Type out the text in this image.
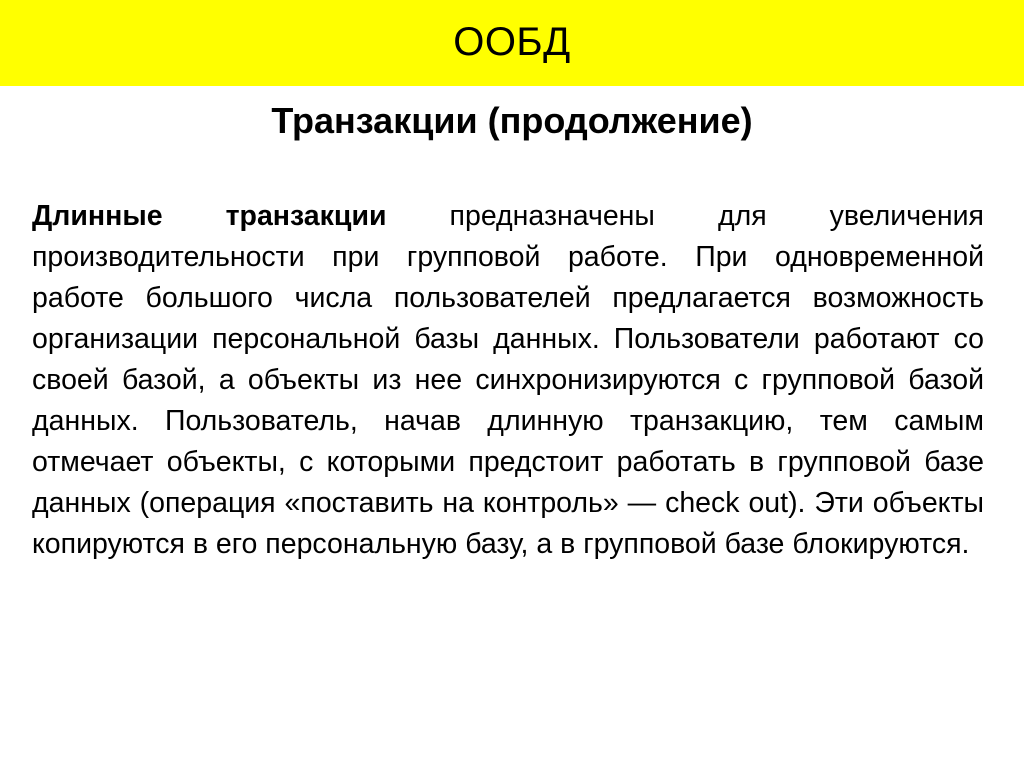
ООБД
Транзакции (продолжение)

Длинные транзакции предназначены для увеличения производительности при групповой работе. При одновременной работе большого числа пользователей предлагается возможность организации персональной базы данных. Пользователи работают со своей базой, а объекты из нее синхронизируются с групповой базой данных. Пользователь, начав длинную транзакцию, тем самым отмечает объекты, с которыми предстоит работать в групповой базе данных (операция «поставить на контроль» — check out). Эти объекты копируются в его персональную базу, а в групповой базе блокируются.
